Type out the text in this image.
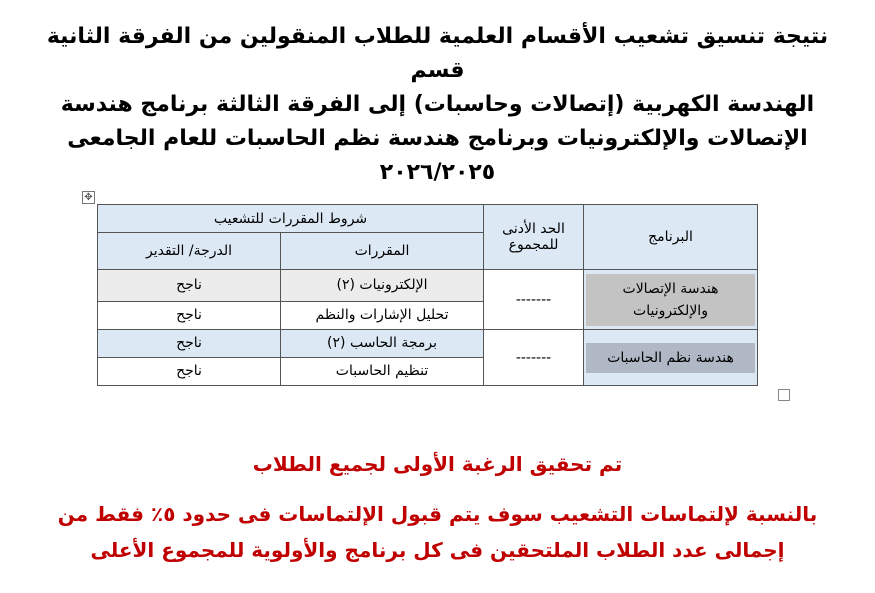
نتيجة تنسيق تشعيب الأقسام العلمية للطلاب المنقولين من الفرقة الثانية قسم
الهندسة الكهربية (إتصالات وحاسبات) إلى الفرقة الثالثة برنامج هندسة
الإتصالات والإلكترونيات وبرنامج هندسة نظم الحاسبات للعام الجامعى
٢٠٢٦/٢٠٢٥
✥
البرنامج	الحد الأدنى للمجموع	شروط المقررات للتشعيب	
		المقررات	الدرجة/ التقدير

هندسة الإتصالات والإلكترونيات	-------	الإلكترونيات (٢)	ناجح
		تحليل الإشارات والنظم	ناجح

هندسة نظم الحاسبات	-------	برمجة الحاسب (٢)	ناجح
		تنظيم الحاسبات	ناجح
تم تحقيق الرغبة الأولى لجميع الطلاب
بالنسبة لإلتماسات التشعيب سوف يتم قبول الإلتماسات فى حدود ٥٪ فقط من
إجمالى عدد الطلاب الملتحقين فى كل برنامج والأولوية للمجموع الأعلى
